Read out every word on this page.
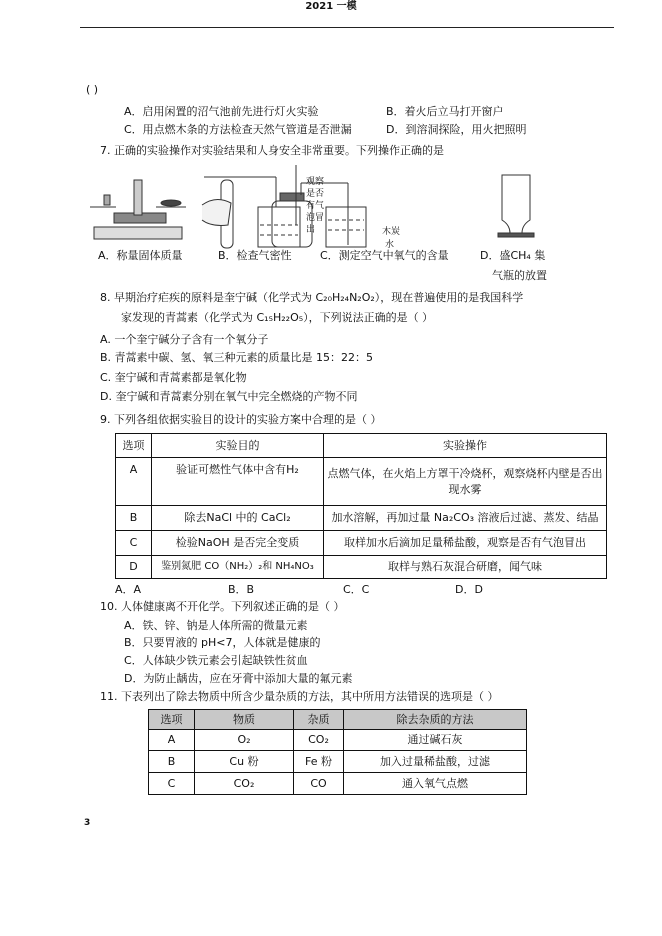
2021 一模
( )
A．启用闲置的沼气池前先进行灯火实验	B．着火后立马打开窗户
C．用点燃木条的方法检查天然气管道是否泄漏	D．到溶洞探险，用火把照明
7. 正确的实验操作对实验结果和人身安全非常重要。下列操作正确的是
观察
是否
有气
泡冒
出	木炭
水
A．称量固体质量	B．检查气密性	C．测定空气中氧气的含量	D．盛CH₄ 集
气瓶的放置
8. 早期治疗疟疾的原料是奎宁碱（化学式为 C₂₀H₂₄N₂O₂），现在普遍使用的是我国科学
家发现的青蒿素（化学式为 C₁₅H₂₂O₅），下列说法正确的是（ ）
A. 一个奎宁碱分子含有一个氧分子
B. 青蒿素中碳、氢、氧三种元素的质量比是 15：22：5
C. 奎宁碱和青蒿素都是氧化物
D. 奎宁碱和青蒿素分别在氧气中完全燃烧的产物不同
9. 下列各组依据实验目的设计的实验方案中合理的是（ ）
选项	实验目的	实验操作
A	验证可燃性气体中含有H₂	点燃气体，在火焰上方罩干冷烧杯，观察烧杯内壁是否出现水雾
B	除去NaCl 中的 CaCl₂	加水溶解，再加过量 Na₂CO₃ 溶液后过滤、蒸发、结晶
C	检验NaOH 是否完全变质	取样加水后滴加足量稀盐酸，观察是否有气泡冒出
D	鉴别氮肥 CO（NH₂）₂和 NH₄NO₃	取样与熟石灰混合研磨，闻气味
A．A	B．B	C．C	D．D
10. 人体健康离不开化学。下列叙述正确的是（ ）
A．铁、锌、钠是人体所需的微量元素
B．只要胃液的 pH<7，人体就是健康的
C．人体缺少铁元素会引起缺铁性贫血
D．为防止龋齿，应在牙膏中添加大量的氟元素
11. 下表列出了除去物质中所含少量杂质的方法，其中所用方法错误的选项是（ ）
选项	物质	杂质	除去杂质的方法
A	O₂	CO₂	通过碱石灰
B	Cu 粉	Fe 粉	加入过量稀盐酸，过滤
C	CO₂	CO	通入氧气点燃
3
